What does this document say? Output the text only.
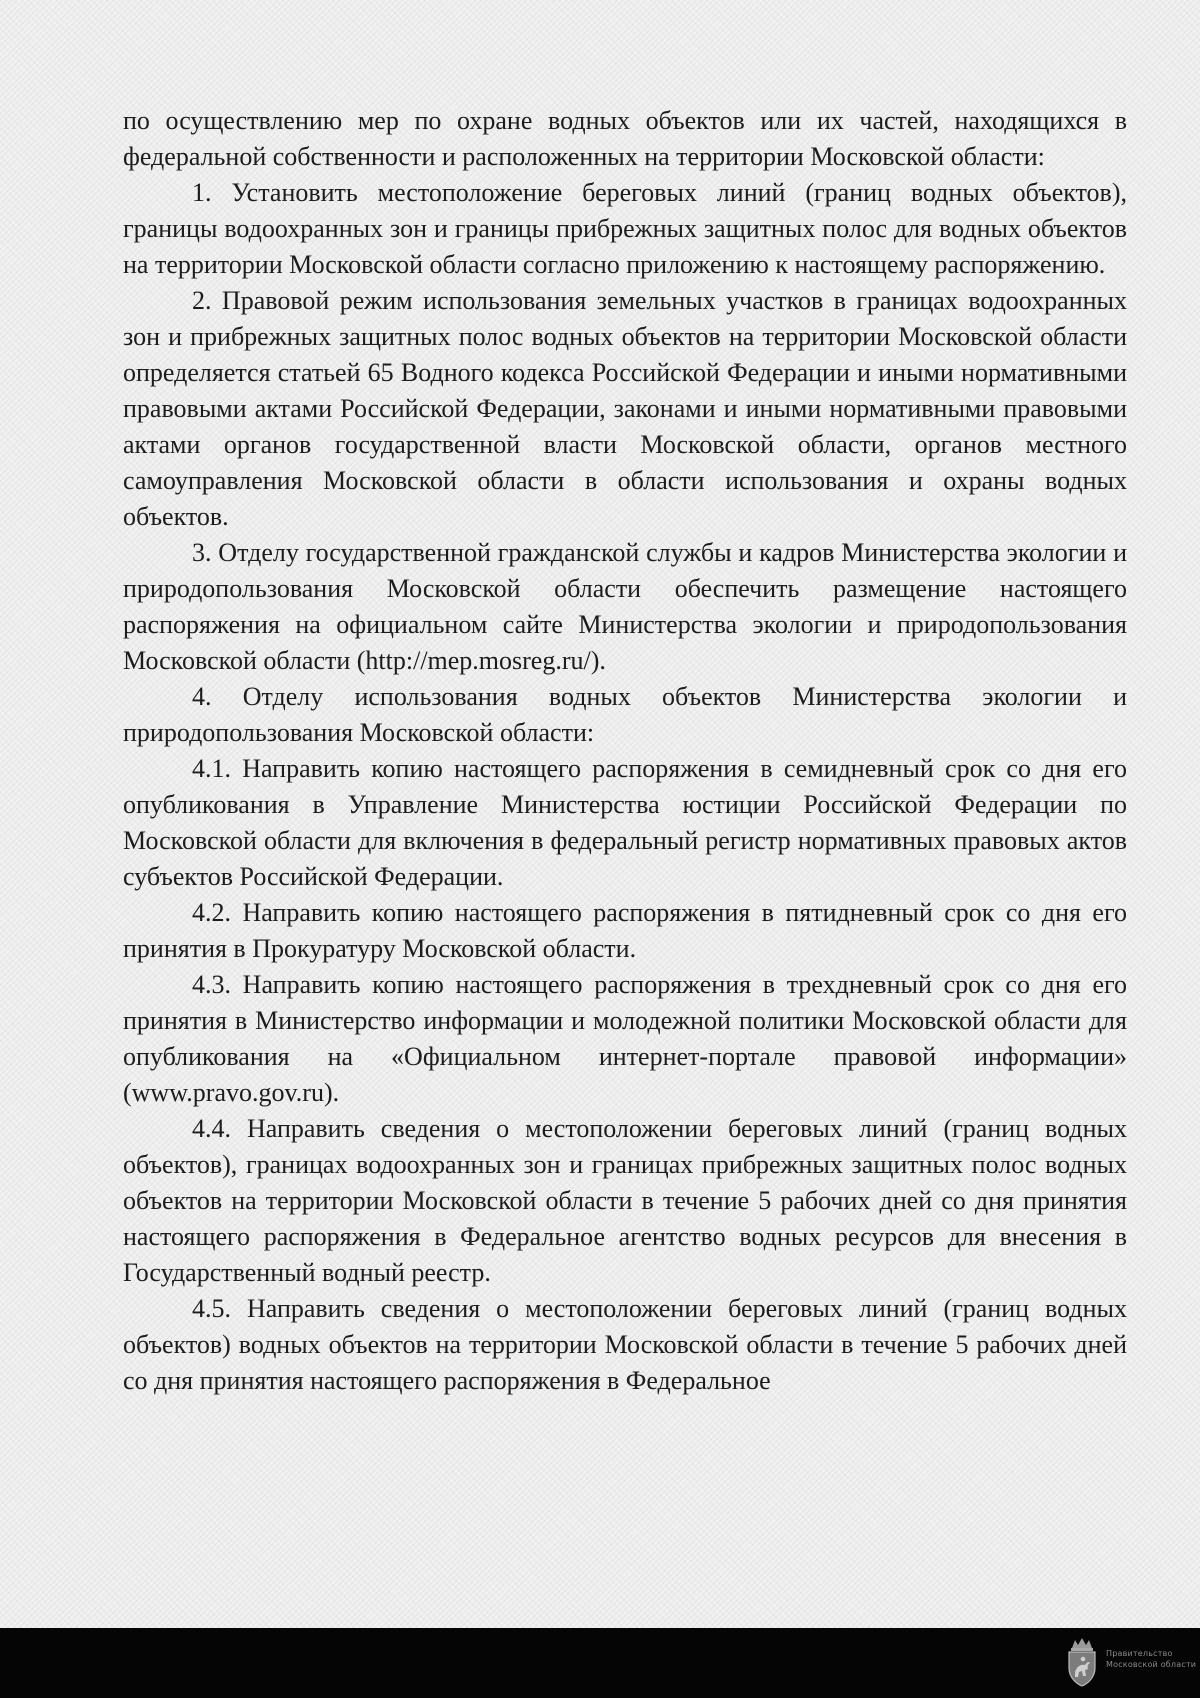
по осуществлению мер по охране водных объектов или их частей, находящихся в федеральной собственности и расположенных на территории Московской области:

1. Установить местоположение береговых линий (границ водных объектов), границы водоохранных зон и границы прибрежных защитных полос для водных объектов на территории Московской области согласно приложению к настоящему распоряжению.

2. Правовой режим использования земельных участков в границах водоохранных зон и прибрежных защитных полос водных объектов на территории Московской области определяется статьей 65 Водного кодекса Российской Федерации и иными нормативными правовыми актами Российской Федерации, законами и иными нормативными правовыми актами органов государственной власти Московской области, органов местного самоуправления Московской области в области использования и охраны водных объектов.

3. Отделу государственной гражданской службы и кадров Министерства экологии и природопользования Московской области обеспечить размещение настоящего распоряжения на официальном сайте Министерства экологии и природопользования Московской области (http://mep.mosreg.ru/).

4. Отделу использования водных объектов Министерства экологии и природопользования Московской области:

4.1. Направить копию настоящего распоряжения в семидневный срок со дня его опубликования в Управление Министерства юстиции Российской Федерации по Московской области для включения в федеральный регистр нормативных правовых актов субъектов Российской Федерации.

4.2. Направить копию настоящего распоряжения в пятидневный срок со дня его принятия в Прокуратуру Московской области.

4.3. Направить копию настоящего распоряжения в трехдневный срок со дня его принятия в Министерство информации и молодежной политики Московской области для опубликования на «Официальном интернет-портале правовой информации» (www.pravo.gov.ru).

4.4. Направить сведения о местоположении береговых линий (границ водных объектов), границах водоохранных зон и границах прибрежных защитных полос водных объектов на территории Московской области в течение 5 рабочих дней со дня принятия настоящего распоряжения в Федеральное агентство водных ресурсов для внесения в Государственный водный реестр.

4.5. Направить сведения о местоположении береговых линий (границ водных объектов) водных объектов на территории Московской области в течение 5 рабочих дней со дня принятия настоящего распоряжения в Федеральное

Правительство
Московской области
